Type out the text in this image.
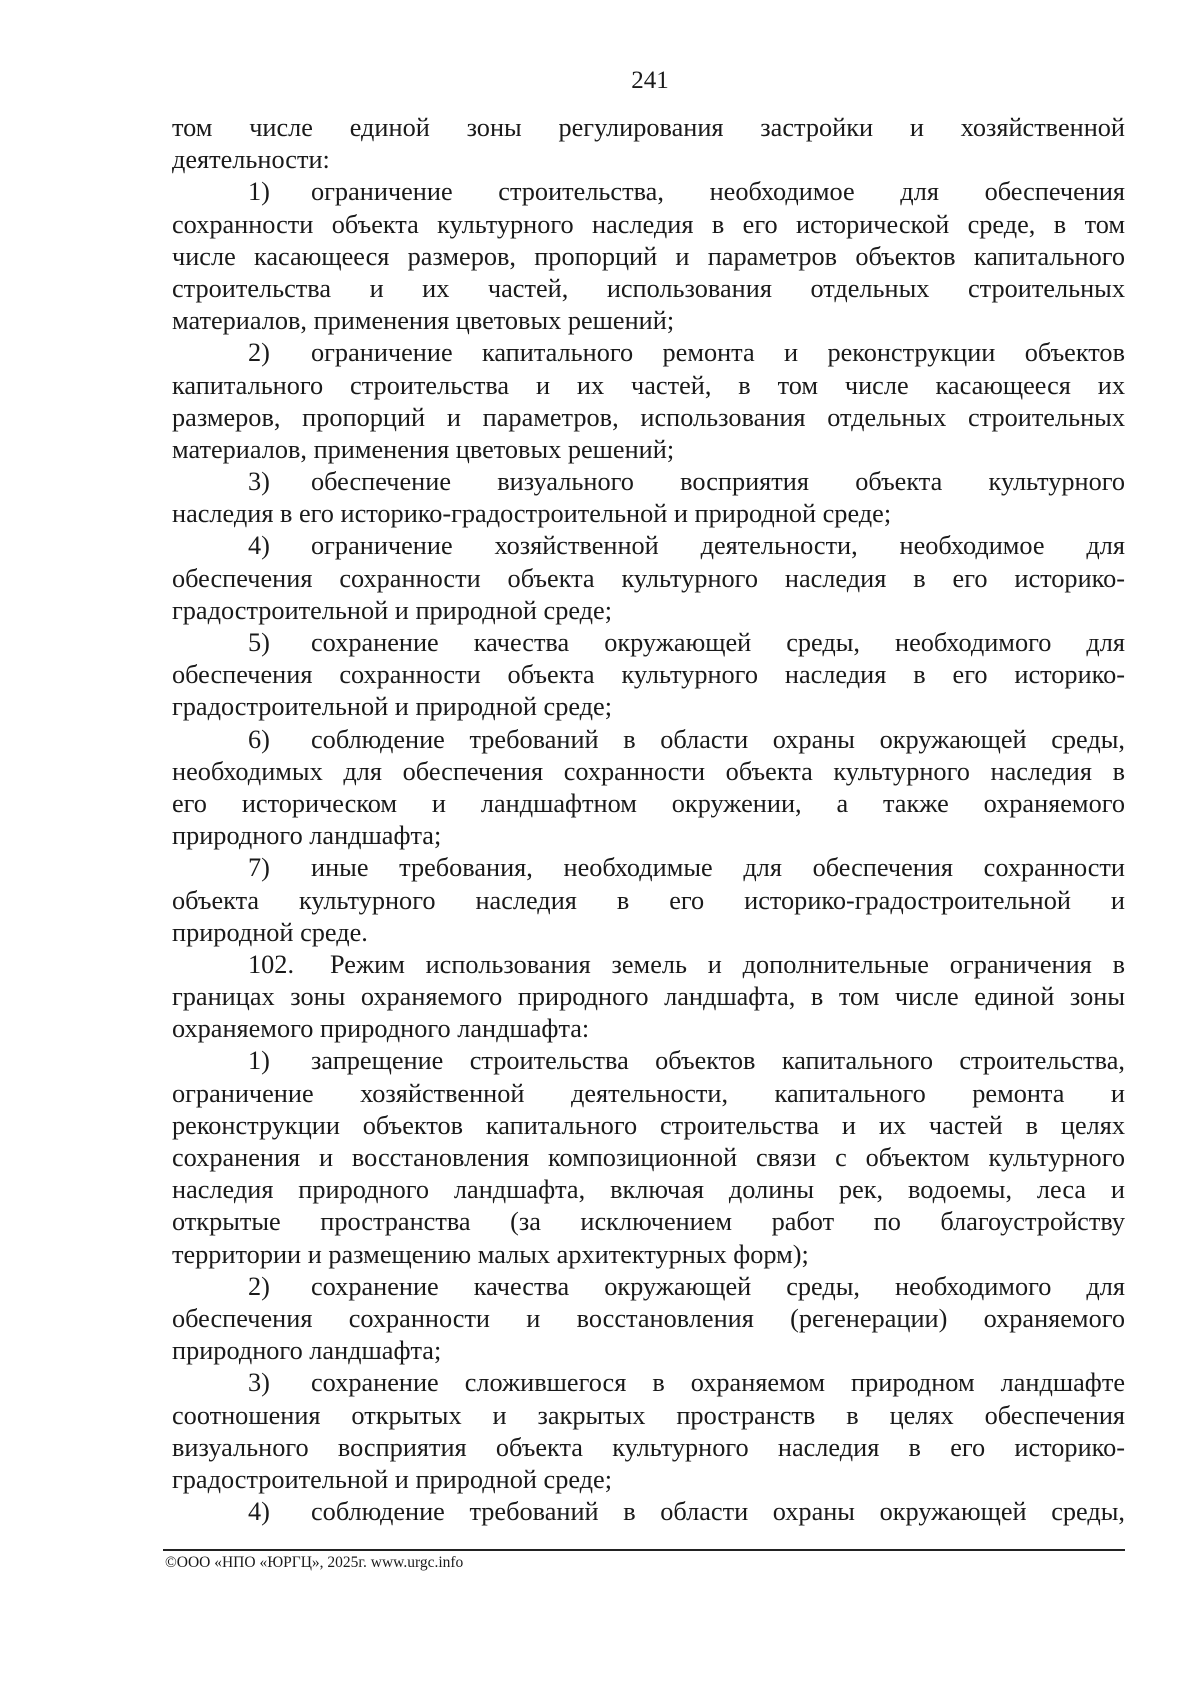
241
том числе единой зоны регулирования застройки и хозяйственной
деятельности:
1)	ограничение строительства, необходимое для обеспечения
сохранности объекта культурного наследия в его исторической среде, в том
числе касающееся размеров, пропорций и параметров объектов капитального
строительства и их частей, использования отдельных строительных
материалов, применения цветовых решений;
2)	ограничение капитального ремонта и реконструкции объектов
капитального строительства и их частей, в том числе касающееся их
размеров, пропорций и параметров, использования отдельных строительных
материалов, применения цветовых решений;
3)	обеспечение визуального восприятия объекта культурного
наследия в его историко-градостроительной и природной среде;
4)	ограничение хозяйственной деятельности, необходимое для
обеспечения сохранности объекта культурного наследия в его историко-
градостроительной и природной среде;
5)	сохранение качества окружающей среды, необходимого для
обеспечения сохранности объекта культурного наследия в его историко-
градостроительной и природной среде;
6)	соблюдение требований в области охраны окружающей среды,
необходимых для обеспечения сохранности объекта культурного наследия в
его историческом и ландшафтном окружении, а также охраняемого
природного ландшафта;
7)	иные требования, необходимые для обеспечения сохранности
объекта культурного наследия в его историко-градостроительной и
природной среде.
102.	Режим использования земель и дополнительные ограничения в
границах зоны охраняемого природного ландшафта, в том числе единой зоны
охраняемого природного ландшафта:
1)	запрещение строительства объектов капитального строительства,
ограничение хозяйственной деятельности, капитального ремонта и
реконструкции объектов капитального строительства и их частей в целях
сохранения и восстановления композиционной связи с объектом культурного
наследия природного ландшафта, включая долины рек, водоемы, леса и
открытые пространства (за исключением работ по благоустройству
территории и размещению малых архитектурных форм);
2)	сохранение качества окружающей среды, необходимого для
обеспечения сохранности и восстановления (регенерации) охраняемого
природного ландшафта;
3)	сохранение сложившегося в охраняемом природном ландшафте
соотношения открытых и закрытых пространств в целях обеспечения
визуального восприятия объекта культурного наследия в его историко-
градостроительной и природной среде;
4)	соблюдение требований в области охраны окружающей среды,
©ООО «НПО «ЮРГЦ», 2025г. www.urgc.info
